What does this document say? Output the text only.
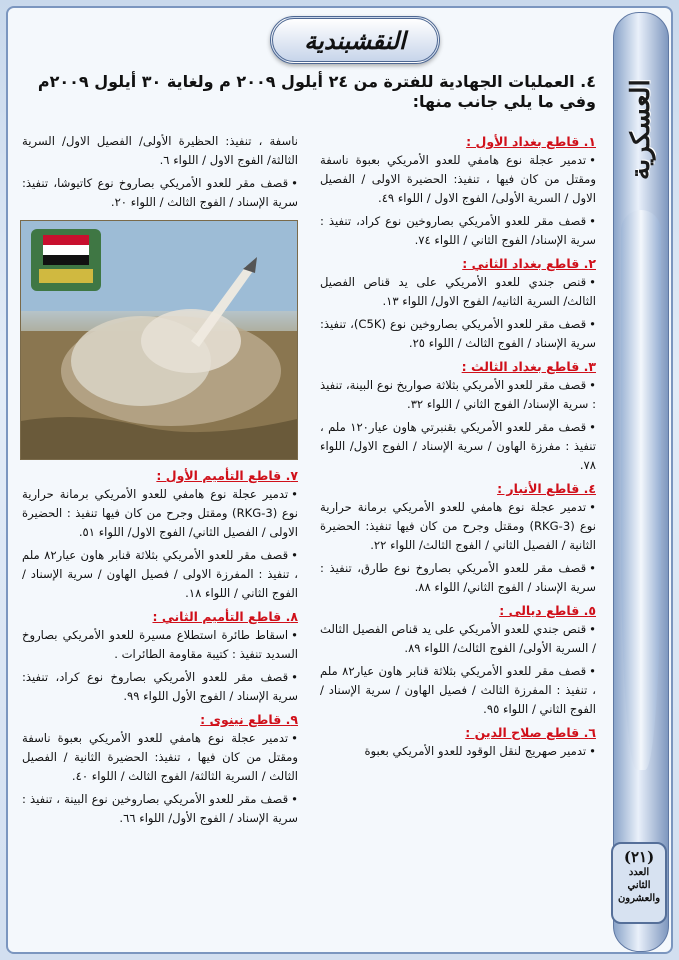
العسكرية
(٢١)
العدد
الثاني
والعشرون
النقشبندية

٤. العمليات الجهادية للفترة من ٢٤ أيلول ٢٠٠٩ م ولغاية ٣٠ أيلول ٢٠٠٩م وفي ما يلي جانب منها:

١. قاطع بغداد الأول :

•تدمير عجلة نوع هامفي للعدو الأمريكي بعبوة ناسفة ومقتل من كان فيها ، تنفيذ: الحضيرة الاولى / الفصيل الاول / السرية الأولى/ الفوج الاول / اللواء ٤٩.

•قصف مقر للعدو الأمريكي بصاروخين نوع كراد، تنفيذ : سرية الإسناد/ الفوج الثاني / اللواء ٧٤.

٢. قاطع بغداد الثاني :

•قنص جندي للعدو الأمريكي على يد قناص الفصيل الثالث/ السرية الثانيه/ الفوج الاول/ اللواء ١٣.

•قصف مقر للعدو الأمريكي بصاروخين نوع (C5K)، تنفيذ: سرية الإسناد / الفوج الثالث / اللواء ٢٥.

٣. قاطع بغداد الثالث :

•قصف مقر للعدو الأمريكي بثلاثة صواريخ نوع البينة، تنفيذ : سرية الإسناد/ الفوج الثاني / اللواء ٣٢.

•قصف مقر للعدو الأمريكي بقنبرتي هاون عيار١٢٠ ملم ، تنفيذ : مفرزة الهاون / سرية الإسناد / الفوج الاول/ اللواء ٧٨.

٤. قاطع الأنبار :

•تدمير عجلة نوع هامفي للعدو الأمريكي برمانة حرارية نوع (RKG-3) ومقتل وجرح من كان فيها تنفيذ: الحضيرة الثانية / الفصيل الثاني / الفوج الثالث/ اللواء ٢٢.

•قصف مقر للعدو الأمريكي بصاروخ نوع طارق، تنفيذ : سرية الإسناد / الفوج الثاني/ اللواء ٨٨.

٥. قاطع ديالى :

•قنص جندي للعدو الأمريكي على يد قناص الفصيل الثالث / السرية الأولى/ الفوج الثالث/ اللواء ٨٩.

•قصف مقر للعدو الأمريكي بثلاثة قنابر هاون عيار٨٢ ملم ، تنفيذ : المفرزة الثالث / فصيل الهاون / سرية الإسناد / الفوج الثاني / اللواء ٩٥.

٦. قاطع صلاح الدين :

•تدمير صهريج لنقل الوقود للعدو الأمريكي بعبوة

ناسفة ، تنفيذ: الحظيرة الأولى/ الفصيل الاول/ السرية الثالثة/ الفوج الاول / اللواء ٦.

•قصف مقر للعدو الأمريكي بصاروخ نوع كاتيوشا، تنفيذ: سرية الإسناد / الفوج الثالث / اللواء ٢٠.

٧. قاطع التأميم الأول :

•تدمير عجلة نوع هامفي للعدو الأمريكي برمانة حرارية نوع (RKG-3) ومقتل وجرح من كان فيها تنفيذ : الحضيرة الاولى / الفصيل الثاني/ الفوج الاول/ اللواء ٥١.

•قصف مقر للعدو الأمريكي بثلاثة قنابر هاون عيار٨٢ ملم ، تنفيذ : المفرزة الاولى / فصيل الهاون / سرية الإسناد / الفوج الثاني / اللواء ١٨.

٨. قاطع التأميم الثاني :

•اسقاط طائرة استطلاع مسيرة للعدو الأمريكي بصاروخ السديد تنفيذ : كتيبة مقاومة الطائرات .

•قصف مقر للعدو الأمريكي بصاروخ نوع كراد، تنفيذ: سرية الإسناد / الفوج الأول اللواء ٩٩.

٩. قاطع نينوى :

•تدمير عجلة نوع هامفي للعدو الأمريكي بعبوة ناسفة ومقتل من كان فيها ، تنفيذ: الحضيرة الثانية / الفصيل الثالث / السرية الثالثة/ الفوج الثالث / اللواء ٤٠.

•قصف مقر للعدو الأمريكي بصاروخين نوع البينة ، تنفيذ : سرية الإسناد / الفوج الأول/ اللواء ٦٦.
